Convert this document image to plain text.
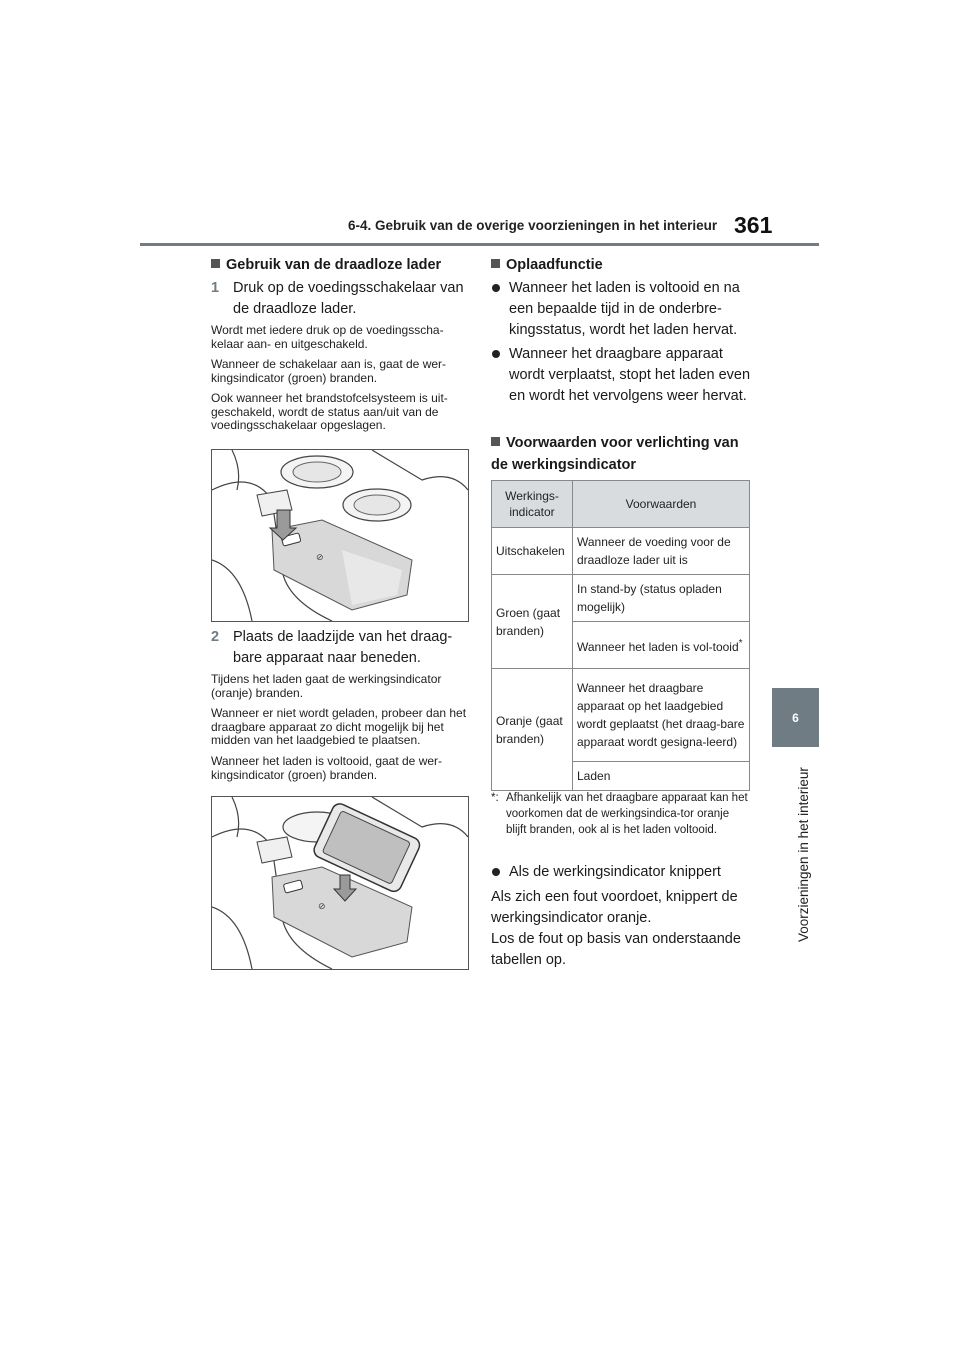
6-4. Gebruik van de overige voorzieningen in het interieur 361
6
Voorzieningen in het interieur
Gebruik van de draadloze lader
1 Druk op de voedingsschakelaar van de draadloze lader.
Wordt met iedere druk op de voedingsscha-kelaar aan- en uitgeschakeld.
Wanneer de schakelaar aan is, gaat de wer-kingsindicator (groen) branden.
Ook wanneer het brandstofcelsysteem is uit-geschakeld, wordt de status aan/uit van de voedingsschakelaar opgeslagen.
⊘
2 Plaats de laadzijde van het draag-bare apparaat naar beneden.
Tijdens het laden gaat de werkingsindicator (oranje) branden.
Wanneer er niet wordt geladen, probeer dan het draagbare apparaat zo dicht mogelijk bij het midden van het laadgebied te plaatsen.
Wanneer het laden is voltooid, gaat de wer-kingsindicator (groen) branden.
⊘
Oplaadfunctie
Wanneer het laden is voltooid en na een bepaalde tijd in de onderbre-kingsstatus, wordt het laden hervat.
Wanneer het draagbare apparaat wordt verplaatst, stopt het laden even en wordt het vervolgens weer hervat.
Voorwaarden voor verlichting van de werkingsindicator
Werkings-indicator	Voorwaarden
Uitschakelen	Wanneer de voeding voor de draadloze lader uit is
Groen (gaat branden)	In stand-by (status opladen mogelijk)
	Wanneer het laden is vol-tooid*
Oranje (gaat branden)	Wanneer het draagbare apparaat op het laadgebied wordt geplaatst (het draag-bare apparaat wordt gesigna-leerd)
	Laden
*: Afhankelijk van het draagbare apparaat kan het voorkomen dat de werkingsindica-tor oranje blijft branden, ook al is het laden voltooid.
Als de werkingsindicator knippert
Als zich een fout voordoet, knippert de werkingsindicator oranje.
Los de fout op basis van onderstaande tabellen op.
